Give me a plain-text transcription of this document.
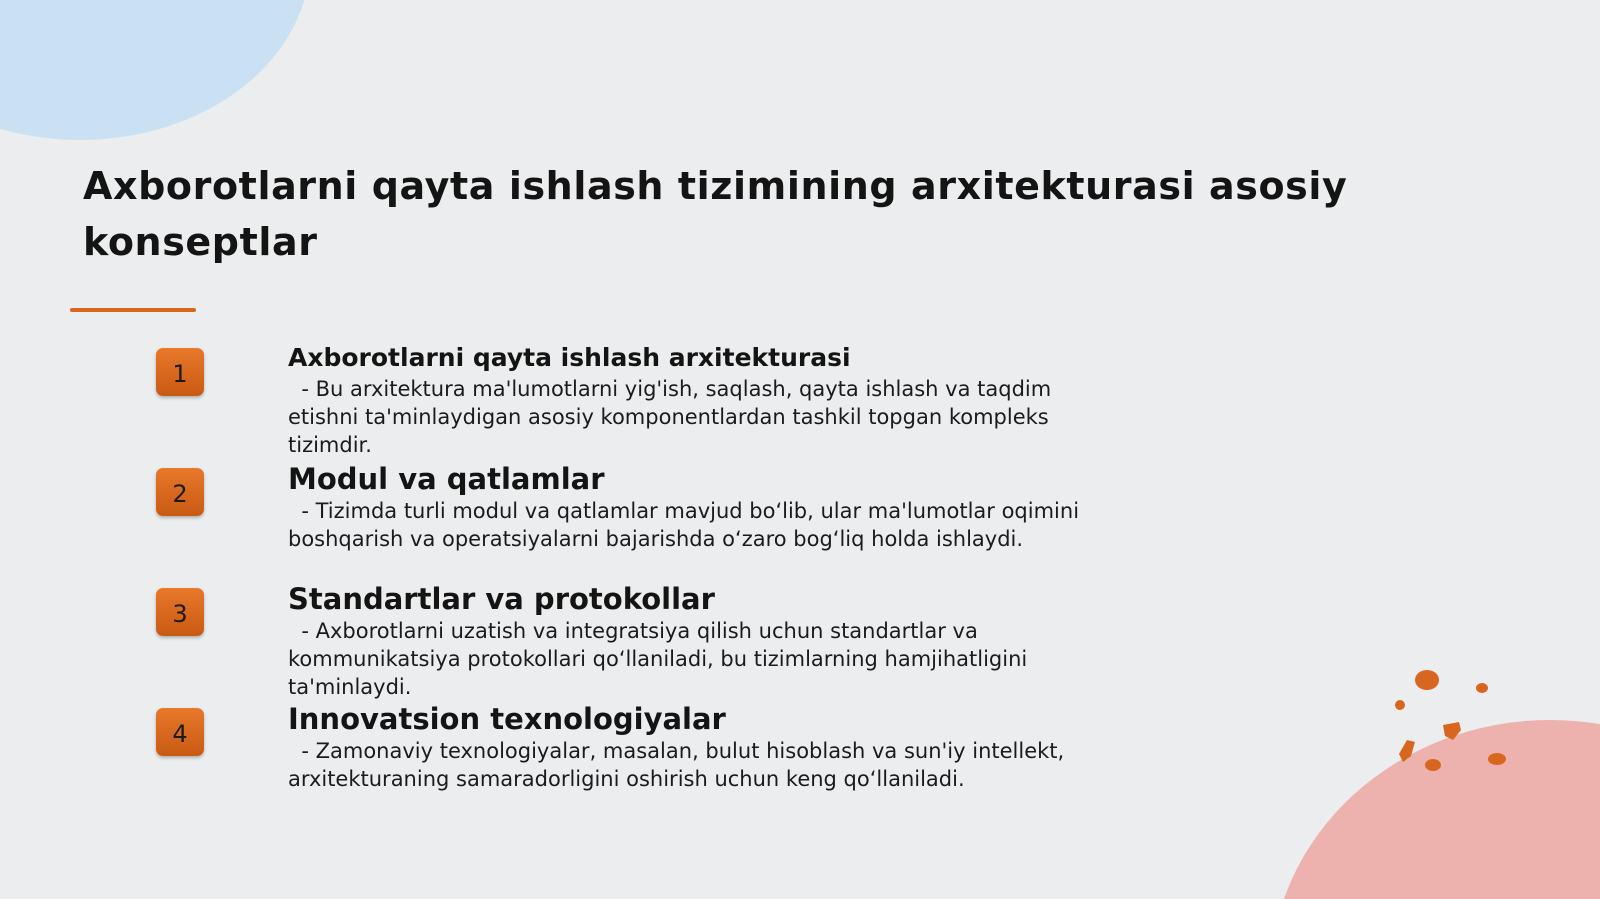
Axborotlarni qayta ishlash tizimining arxitekturasi asosiy konseptlar
1

Axborotlarni qayta ishlash arxitekturasi

- Bu arxitektura ma'lumotlarni yig'ish, saqlash, qayta ishlash va taqdim etishni ta'minlaydigan asosiy komponentlardan tashkil topgan kompleks tizimdir.

2	Modul va qatlamlar

- Tizimda turli modul va qatlamlar mavjud bo‘lib, ular ma'lumotlar oqimini boshqarish va operatsiyalarni bajarishda o‘zaro bog‘liq holda ishlaydi.

3	Standartlar va protokollar

- Axborotlarni uzatish va integratsiya qilish uchun standartlar va kommunikatsiya protokollari qo‘llaniladi, bu tizimlarning hamjihatligini ta'minlaydi.

4	Innovatsion texnologiyalar

- Zamonaviy texnologiyalar, masalan, bulut hisoblash va sun'iy intellekt, arxitekturaning samaradorligini oshirish uchun keng qo‘llaniladi.
